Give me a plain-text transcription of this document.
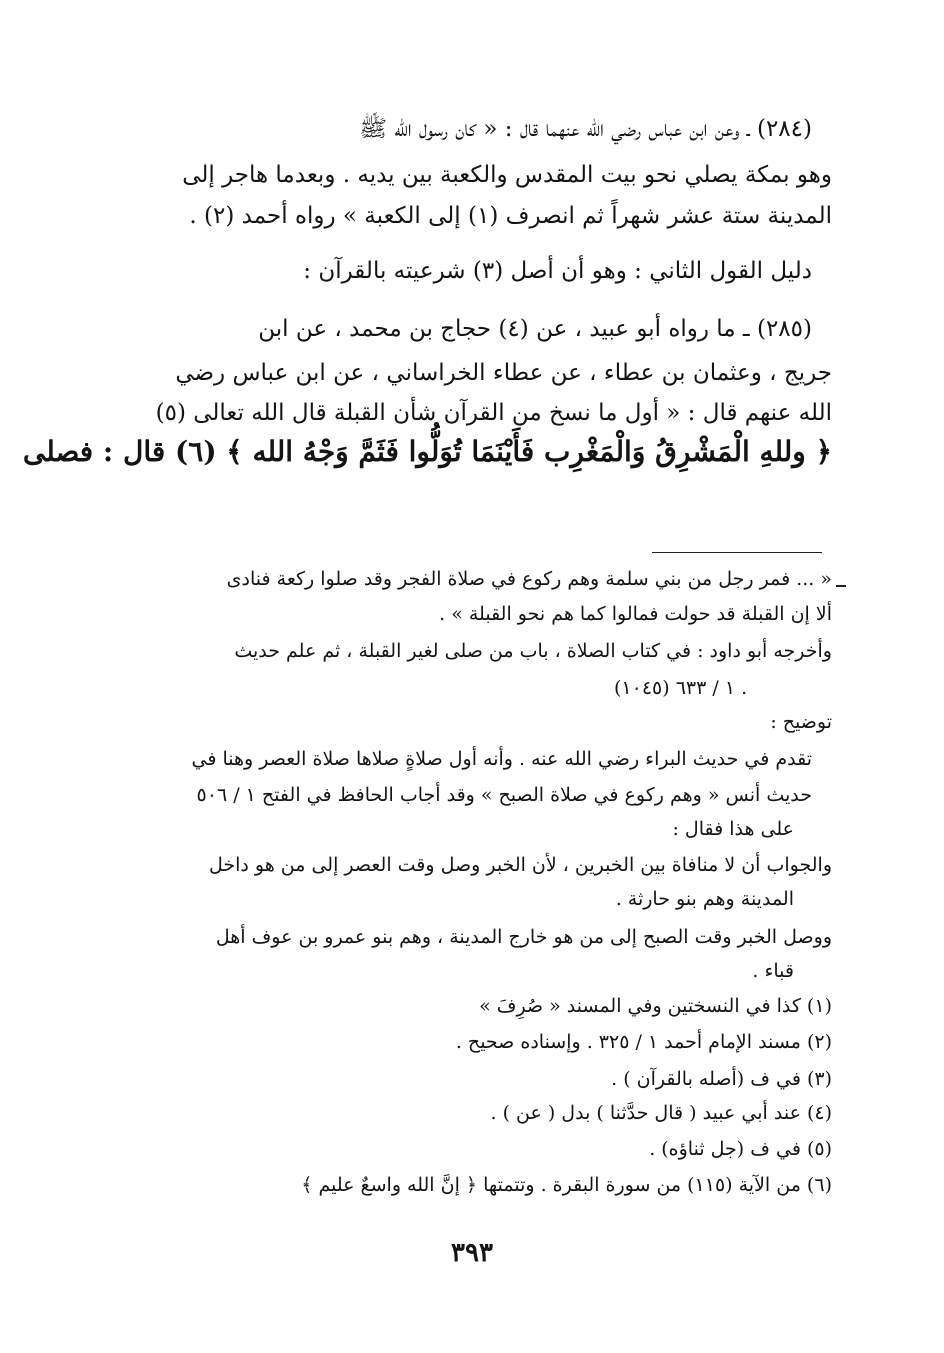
(٢٨٤) ـ وعن ابن عباس رضي الله عنهما قال : « كان رسول الله ﷺ
وهو بمكة يصلي نحو بيت المقدس والكعبة بين يديه . وبعدما هاجر إلى
المدينة ستة عشر شهراً ثم انصرف (١) إلى الكعبة » رواه أحمد (٢) .
دليل القول الثاني : وهو أن أصل (٣) شرعيته بالقرآن :
(٢٨٥) ـ ما رواه أبو عبيد ، عن (٤) حجاج بن محمد ، عن ابن
جريج ، وعثمان بن عطاء ، عن عطاء الخراساني ، عن ابن عباس رضي
الله عنهم قال : « أول ما نسخ من القرآن شأن القبلة قال الله تعالى (٥)
﴿ وللهِ الْمَشْرِقُ وَالْمَغْرِب فَأَيْنَمَا تُوَلُّوا فَثَمَّ وَجْهُ الله ﴾ (٦) قال : فصلى
« ... فمر رجل من بني سلمة وهم ركوع في صلاة الفجر وقد صلوا ركعة فنادى
ألا إن القبلة قد حولت فمالوا كما هم نحو القبلة » .
وأخرجه أبو داود : في كتاب الصلاة ، باب من صلى لغير القبلة ، ثم علم حديث
(١٠٤٥) ١ / ٦٣٣ .
توضيح :
تقدم في حديث البراء رضي الله عنه . وأنه أول صلاةٍ صلاها صلاة العصر وهنا في
حديث أنس « وهم ركوع في صلاة الصبح » وقد أجاب الحافظ في الفتح ١ / ٥٠٦
على هذا فقال :
والجواب أن لا منافاة بين الخبرين ، لأن الخبر وصل وقت العصر إلى من هو داخل
المدينة وهم بنو حارثة .
ووصل الخبر وقت الصبح إلى من هو خارج المدينة ، وهم بنو عمرو بن عوف أهل
قباء .
(١) كذا في النسختين وفي المسند « صُرِفَ »
(٢) مسند الإمام أحمد ١ / ٣٢٥ . وإسناده صحيح .
(٣) في ف (أصله بالقرآن ) .
(٤) عند أبي عبيد ( قال حدَّثنا ) بدل ( عن ) .
(٥) في ف (جل ثناؤه) .
(٦) من الآية (١١٥) من سورة البقرة . وتتمتها ﴿ إنَّ الله واسعٌ عليم ﴾
٣٩٣
